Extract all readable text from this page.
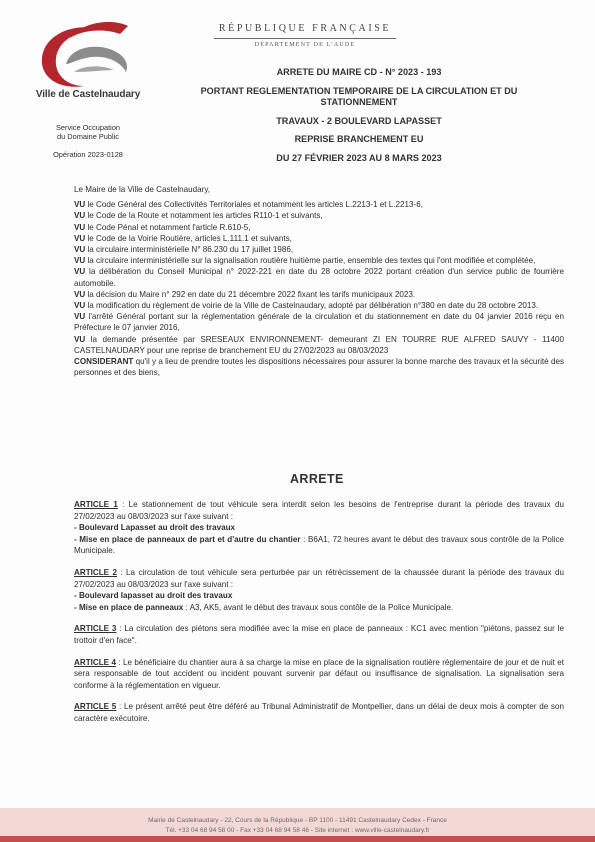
Ville de Castelnaudary
Service Occupation
du Domaine Public
Opération 2023-0128
RÉPUBLIQUE FRANÇAISE
DÉPARTEMENT DE L'AUDE
ARRETE DU MAIRE CD - N° 2023 - 193
PORTANT REGLEMENTATION TEMPORAIRE DE LA CIRCULATION ET DU
STATIONNEMENT
TRAVAUX - 2 BOULEVARD LAPASSET
REPRISE BRANCHEMENT EU
DU 27 FÉVRIER 2023 AU 8 MARS 2023

Le Maire de la Ville de Castelnaudary,

VU le Code Général des Collectivités Territoriales et notamment les articles L.2213-1 et L.2213-6,

VU le Code de la Route et notamment les articles R110-1 et suivants,

VU le Code Pénal et notamment l'article R.610-5,

VU le Code de la Voirie Routière, articles L.111.1 et suivants,

VU la circulaire interministérielle N° 86.230 du 17 juillet 1986,

VU la circulaire interministérielle sur la signalisation routière huitième partie, ensemble des textes qui l'ont modifiée et complétée,

VU la délibération du Conseil Municipal n° 2022-221 en date du 28 octobre 2022 portant création d'un service public de fourrière automobile.

VU la décision du Maire n° 292 en date du 21 décembre 2022 fixant les tarifs municipaux 2023.

VU la modification du règlement de voirie de la Ville de Castelnaudary, adopté par délibération n°380 en date du 28 octobre 2013.

VU l'arrêté Général portant sur la réglementation générale de la circulation et du stationnement en date du 04 janvier 2016 reçu en Préfecture le 07 janvier 2016,

VU la demande présentée par SRESEAUX ENVIRONNEMENT- demeurant ZI EN TOURRE RUE ALFRED SAUVY - 11400 CASTELNAUDARY pour une reprise de branchement EU du 27/02/2023 au 08/03/2023

CONSIDERANT qu'il y a lieu de prendre toutes les dispositions nécessaires pour assurer la bonne marche des travaux et la sécurité des personnes et des biens,

ARRETE
ARTICLE 1 : Le stationnement de tout véhicule sera interdit selon les besoins de l'entreprise durant la période des travaux du 27/02/2023 au 08/03/2023 sur l'axe suivant :
- Boulevard Lapasset au droit des travaux
- Mise en place de panneaux de part et d'autre du chantier : B6A1, 72 heures avant le début des travaux sous contrôle de la Police Municipale.
ARTICLE 2 : La circulation de tout véhicule sera perturbée par un rétrécissement de la chaussée durant la période des travaux du 27/02/2023 au 08/03/2023 sur l'axe suivant :
- Boulevard lapasset au droit des travaux
- Mise en place de panneaux : A3, AK5, avant le début des travaux sous contôle de la Police Municipale.
ARTICLE 3 : La circulation des piétons sera modifiée avec la mise en place de panneaux : KC1 avec mention "piétons, passez sur le trottoir d'en face".
ARTICLE 4 : Le bénéficiaire du chantier aura à sa charge la mise en place de la signalisation routière réglementaire de jour et de nuit et sera responsable de tout accident ou incident pouvant survenir par défaut ou insuffisance de signalisation. La signalisation sera conforme à la réglementation en vigueur.
ARTICLE 5 : Le présent arrêté peut être déféré au Tribunal Administratif de Montpellier, dans un délai de deux mois à compter de son caractère exécutoire.
Mairie de Castelnaudary - 22, Cours de la République - BP 1100 - 11491 Castelnaudary Cedex - France
Tél. +33 04 68 94 58 00 - Fax +33 04 68 94 58 46 - Site internet : www.ville-castelnaudary.fr
